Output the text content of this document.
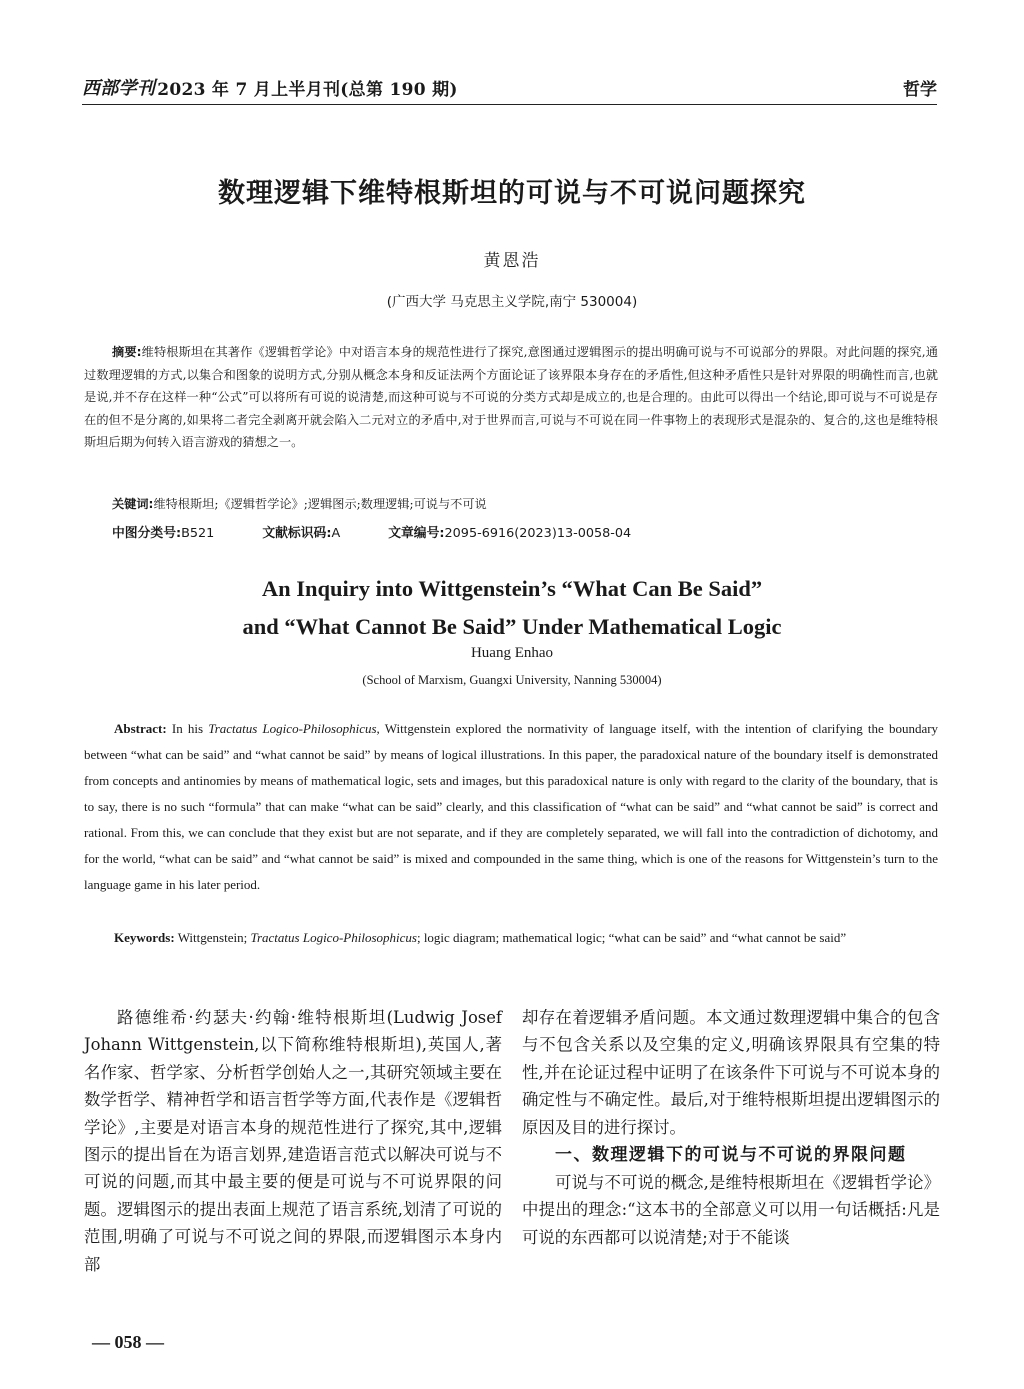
西部学刊 2023 年 7 月上半月刊(总第 190 期)	哲学
数理逻辑下维特根斯坦的可说与不可说问题探究
黄恩浩
(广西大学 马克思主义学院,南宁 530004)
摘要:维特根斯坦在其著作《逻辑哲学论》中对语言本身的规范性进行了探究,意图通过逻辑图示的提出明确可说与不可说部分的界限。对此问题的探究,通过数理逻辑的方式,以集合和图象的说明方式,分别从概念本身和反证法两个方面论证了该界限本身存在的矛盾性,但这种矛盾性只是针对界限的明确性而言,也就是说,并不存在这样一种“公式”可以将所有可说的说清楚,而这种可说与不可说的分类方式却是成立的,也是合理的。由此可以得出一个结论,即可说与不可说是存在的但不是分离的,如果将二者完全剥离开就会陷入二元对立的矛盾中,对于世界而言,可说与不可说在同一件事物上的表现形式是混杂的、复合的,这也是维特根斯坦后期为何转入语言游戏的猜想之一。
关键词:维特根斯坦;《逻辑哲学论》;逻辑图示;数理逻辑;可说与不可说
中图分类号:B521	文献标识码:A	文章编号:2095-6916(2023)13-0058-04
An Inquiry into Wittgenstein’s “What Can Be Said”
and “What Cannot Be Said” Under Mathematical Logic
Huang Enhao
(School of Marxism, Guangxi University, Nanning 530004)
Abstract: In his Tractatus Logico-Philosophicus, Wittgenstein explored the normativity of language itself, with the intention of clarifying the boundary between “what can be said” and “what cannot be said” by means of logical illustrations. In this paper, the paradoxical nature of the boundary itself is demonstrated from concepts and antinomies by means of mathematical logic, sets and images, but this paradoxical nature is only with regard to the clarity of the boundary, that is to say, there is no such “formula” that can make “what can be said” clearly, and this classification of “what can be said” and “what cannot be said” is correct and rational. From this, we can conclude that they exist but are not separate, and if they are completely separated, we will fall into the contradiction of dichotomy, and for the world, “what can be said” and “what cannot be said” is mixed and compounded in the same thing, which is one of the reasons for Wittgenstein’s turn to the language game in his later period.
Keywords: Wittgenstein; Tractatus Logico-Philosophicus; logic diagram; mathematical logic; “what can be said” and “what cannot be said”

路德维希·约瑟夫·约翰·维特根斯坦(Ludwig Josef Johann Wittgenstein,以下简称维特根斯坦),英国人,著名作家、哲学家、分析哲学创始人之一,其研究领域主要在数学哲学、精神哲学和语言哲学等方面,代表作是《逻辑哲学论》,主要是对语言本身的规范性进行了探究,其中,逻辑图示的提出旨在为语言划界,建造语言范式以解决可说与不可说的问题,而其中最主要的便是可说与不可说界限的问题。逻辑图示的提出表面上规范了语言系统,划清了可说的范围,明确了可说与不可说之间的界限,而逻辑图示本身内部

却存在着逻辑矛盾问题。本文通过数理逻辑中集合的包含与不包含关系以及空集的定义,明确该界限具有空集的特性,并在论证过程中证明了在该条件下可说与不可说本身的确定性与不确定性。最后,对于维特根斯坦提出逻辑图示的原因及目的进行探讨。

一、数理逻辑下的可说与不可说的界限问题

可说与不可说的概念,是维特根斯坦在《逻辑哲学论》中提出的理念:“这本书的全部意义可以用一句话概括:凡是可说的东西都可以说清楚;对于不能谈

— 058 —
